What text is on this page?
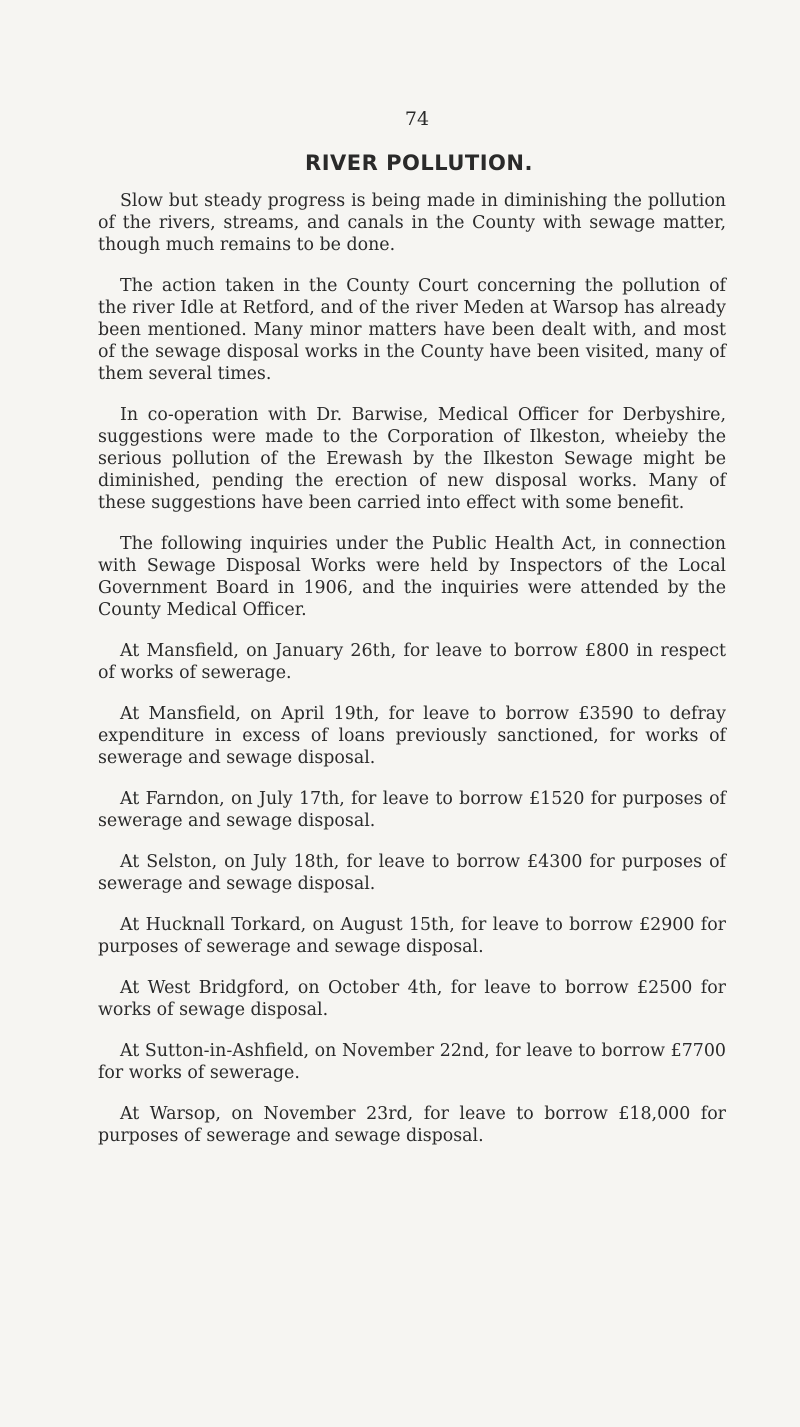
74
RIVER POLLUTION.

Slow but steady progress is being made in diminishing the pollution of the rivers, streams, and canals in the County with sewage matter, though much remains to be done.

The action taken in the County Court concerning the pollution of the river Idle at Retford, and of the river Meden at Warsop has already been mentioned. Many minor matters have been dealt with, and most of the sewage disposal works in the County have been visited, many of them several times.

In co-operation with Dr. Barwise, Medical Officer for Derbyshire, suggestions were made to the Corporation of Ilkeston, wheieby the serious pollution of the Erewash by the Ilkeston Sewage might be diminished, pending the erection of new disposal works. Many of these suggestions have been carried into effect with some benefit.

The following inquiries under the Public Health Act, in connection with Sewage Disposal Works were held by Inspectors of the Local Government Board in 1906, and the inquiries were attended by the County Medical Officer.

At Mansfield, on January 26th, for leave to borrow £800 in respect of works of sewerage.

At Mansfield, on April 19th, for leave to borrow £3590 to defray expenditure in excess of loans previously sanctioned, for works of sewerage and sewage disposal.

At Farndon, on July 17th, for leave to borrow £1520 for purposes of sewerage and sewage disposal.

At Selston, on July 18th, for leave to borrow £4300 for purposes of sewerage and sewage disposal.

At Hucknall Torkard, on August 15th, for leave to borrow £2900 for purposes of sewerage and sewage disposal.

At West Bridgford, on October 4th, for leave to borrow £2500 for works of sewage disposal.

At Sutton-in-Ashfield, on November 22nd, for leave to borrow £7700 for works of sewerage.

At Warsop, on November 23rd, for leave to borrow £18,000 for purposes of sewerage and sewage disposal.
